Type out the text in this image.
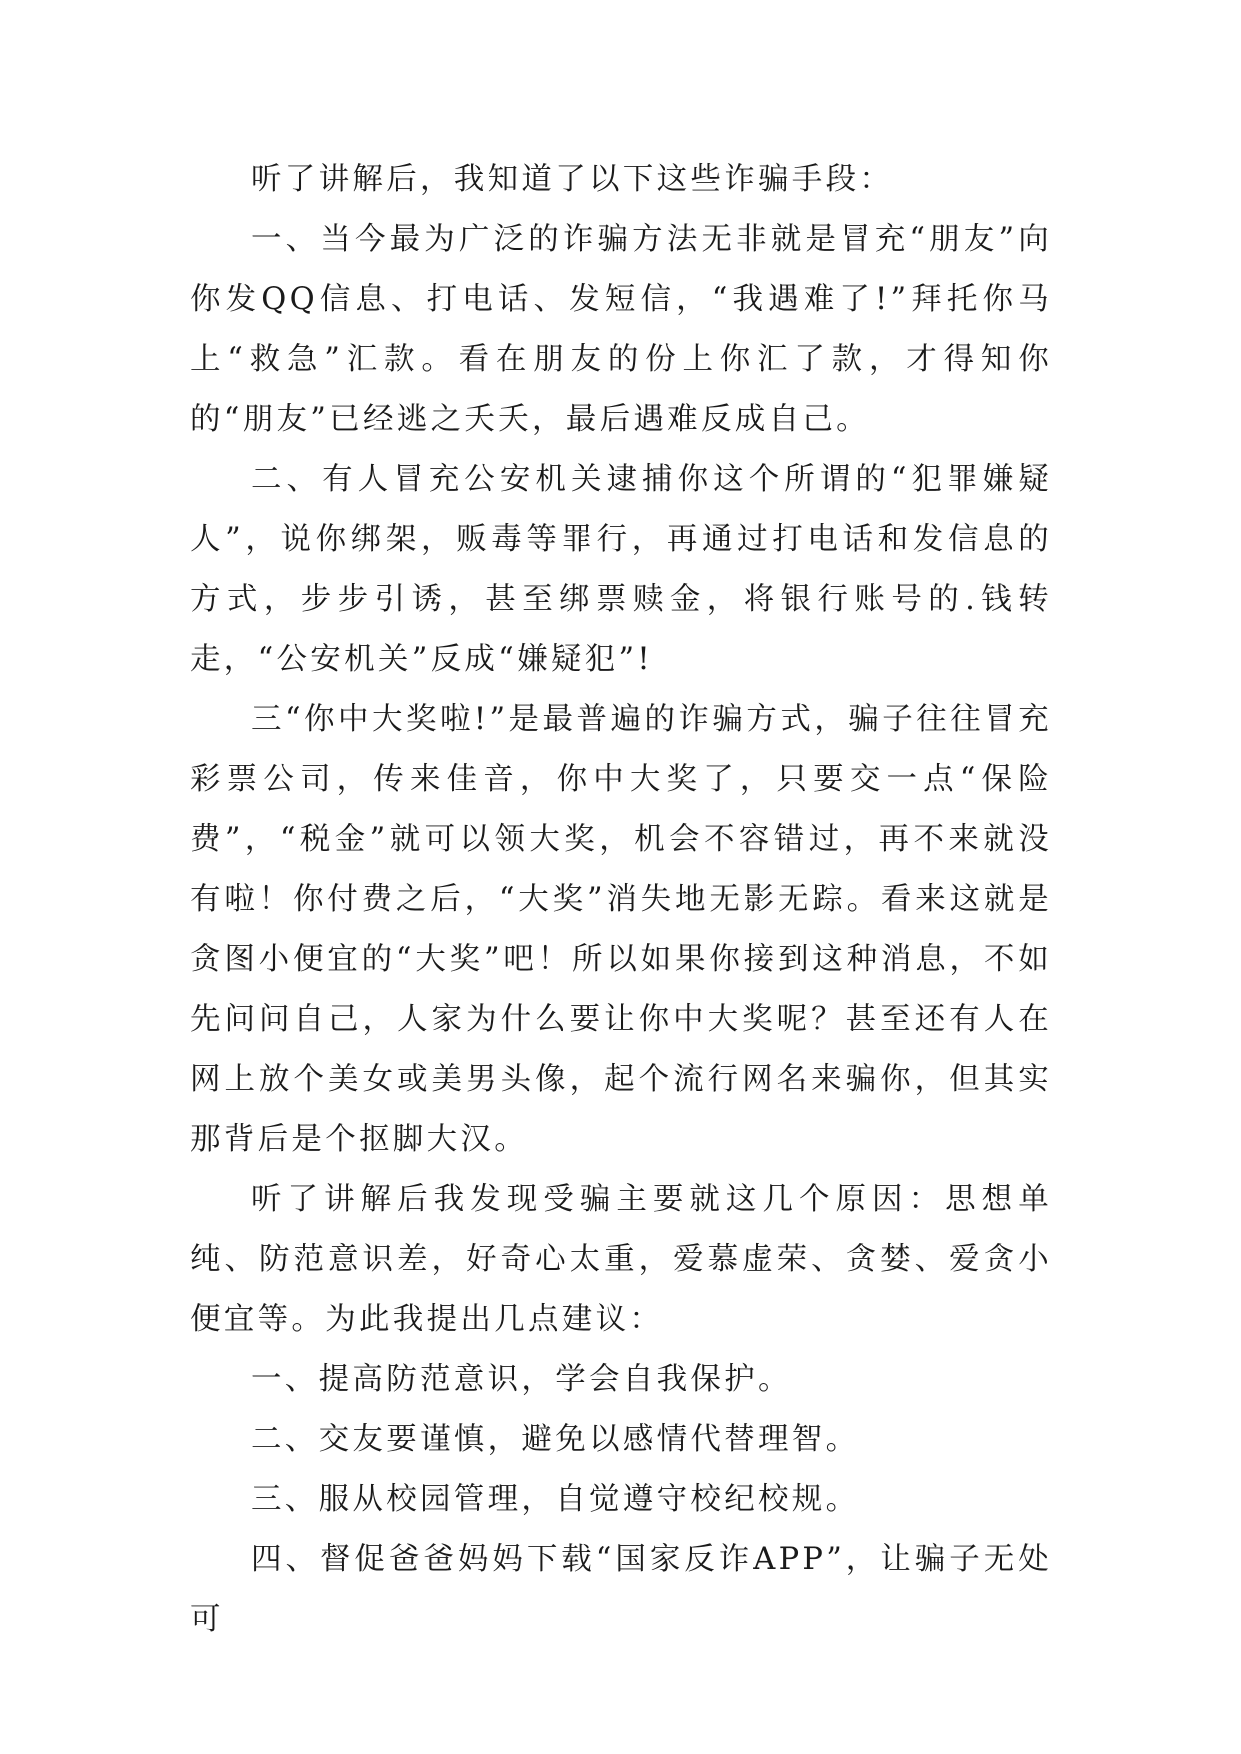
听了讲解后，我知道了以下这些诈骗手段：

一、当今最为广泛的诈骗方法无非就是冒充“朋友”向你发QQ信息、打电话、发短信，“我遇难了!”拜托你马上“救急”汇款。看在朋友的份上你汇了款，才得知你的“朋友”已经逃之夭夭，最后遇难反成自己。

二、有人冒充公安机关逮捕你这个所谓的“犯罪嫌疑人”，说你绑架，贩毒等罪行，再通过打电话和发信息的方式，步步引诱，甚至绑票赎金，将银行账号的.钱转走，“公安机关”反成“嫌疑犯”!

三“你中大奖啦!”是最普遍的诈骗方式，骗子往往冒充彩票公司，传来佳音，你中大奖了，只要交一点“保险费”，“税金”就可以领大奖，机会不容错过，再不来就没有啦！你付费之后，“大奖”消失地无影无踪。看来这就是贪图小便宜的“大奖”吧！所以如果你接到这种消息，不如先问问自己，人家为什么要让你中大奖呢？甚至还有人在网上放个美女或美男头像，起个流行网名来骗你，但其实那背后是个抠脚大汉。

听了讲解后我发现受骗主要就这几个原因：思想单纯、防范意识差，好奇心太重，爱慕虚荣、贪婪、爱贪小便宜等。为此我提出几点建议：

一、提高防范意识，学会自我保护。

二、交友要谨慎，避免以感情代替理智。

三、服从校园管理，自觉遵守校纪校规。

四、督促爸爸妈妈下载“国家反诈APP”，让骗子无处可
